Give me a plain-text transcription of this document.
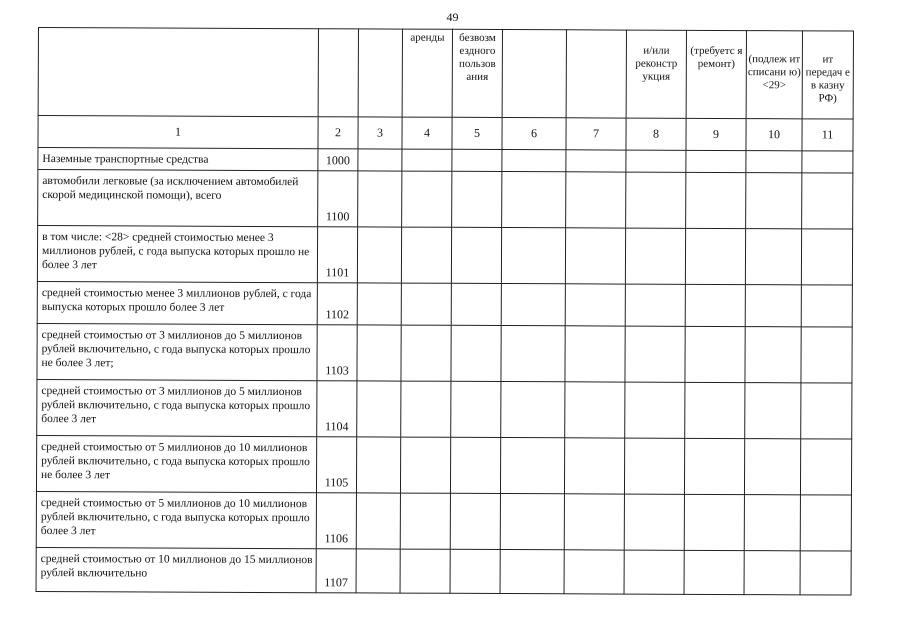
49
			аренды	безвозм ездного пользов ания			и/или реконстр укция	(требуетс я ремонт)	(подлеж ит списани ю) <29>	ит передач е в казну РФ)
1	2	3	4	5	6	7	8	9	10	11
Наземные транспортные средства	1000									
автомобили легковые (за исключением автомобилей скорой медицинской помощи), всего	1100									
в том числе: <28> средней стоимостью менее 3 миллионов рублей, с года выпуска которых прошло не более 3 лет	1101									
средней стоимостью менее 3 миллионов рублей, с года выпуска которых прошло более 3 лет	1102									
средней стоимостью от 3 миллионов до 5 миллионов рублей включительно, с года выпуска которых прошло не более 3 лет;	1103									
средней стоимостью от 3 миллионов до 5 миллионов рублей включительно, с года выпуска которых прошло более 3 лет	1104									
средней стоимостью от 5 миллионов до 10 миллионов рублей включительно, с года выпуска которых прошло не более 3 лет	1105									
средней стоимостью от 5 миллионов до 10 миллионов рублей включительно, с года выпуска которых прошло более 3 лет	1106									
средней стоимостью от 10 миллионов до 15 миллионов рублей включительно	1107									
